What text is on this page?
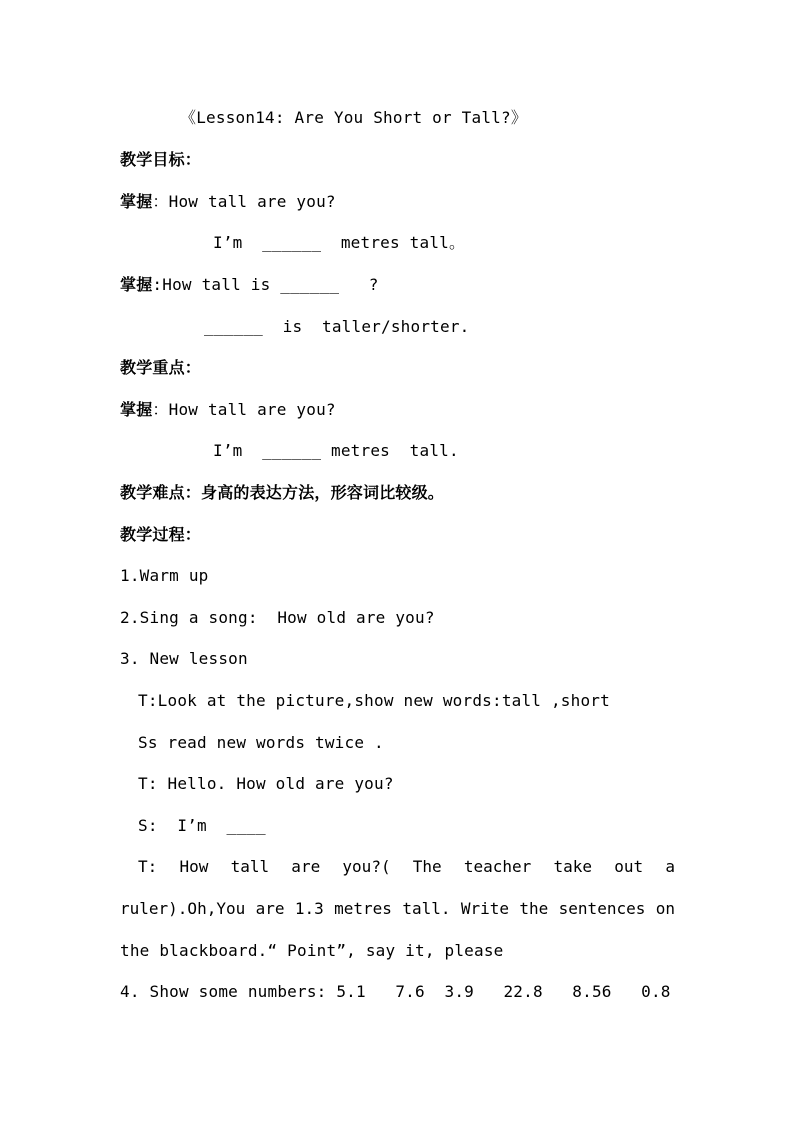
《Lesson14: Are You Short or Tall?》
教学目标：
掌握：How tall are you?
I’m  ______  metres tall。
掌握:How tall is ______   ?
______  is  taller/shorter.
教学重点：
掌握：How tall are you?
I’m  ______ metres  tall.
教学难点：身高的表达方法，形容词比较级。
教学过程：
1.Warm up
2.Sing a song:  How old are you?
3. New lesson
T:Look at the picture,show new words:tall ,short
Ss read new words twice .
T: Hello. How old are you?
S:  I’m  ____
T: How tall are you?( The teacher take out a
ruler).Oh,You are 1.3 metres tall. Write the sentences on
the blackboard.“ Point”, say it, please
4. Show some numbers: 5.1   7.6  3.9   22.8   8.56   0.8
